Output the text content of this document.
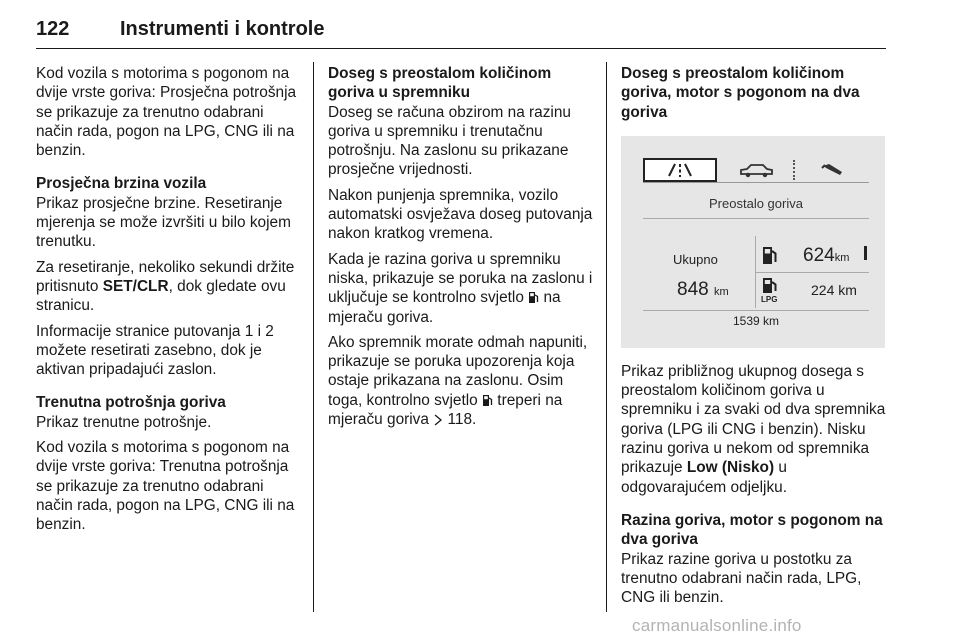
122	Instrumenti i kontrole

Kod vozila s motorima s pogonom na dvije vrste goriva: Prosječna potrošnja se prikazuje za trenutno odabrani način rada, pogon na LPG, CNG ili na benzin.

Prosječna brzina vozila

Prikaz prosječne brzine. Resetiranje mjerenja se može izvršiti u bilo kojem trenutku.

Za resetiranje, nekoliko sekundi držite pritisnuto SET/CLR, dok gledate ovu stranicu.

Informacije stranice putovanja 1 i 2 možete resetirati zasebno, dok je aktivan pripadajući zaslon.

Trenutna potrošnja goriva

Prikaz trenutne potrošnje.

Kod vozila s motorima s pogonom na dvije vrste goriva: Trenutna potrošnja se prikazuje za trenutno odabrani način rada, pogon na LPG, CNG ili na benzin.

Doseg s preostalom količinom goriva u spremniku

Doseg se računa obzirom na razinu goriva u spremniku i trenutačnu potrošnju. Na zaslonu su prikazane prosječne vrijednosti.

Nakon punjenja spremnika, vozilo automatski osvježava doseg putovanja nakon kratkog vremena.

Kada je razina goriva u spremniku niska, prikazuje se poruka na zaslonu i uključuje se kontrolno svjetlo na mjeraču goriva.

Ako spremnik morate odmah napuniti, prikazuje se poruka upozorenja koja ostaje prikazana na zaslonu. Osim toga, kontrolno svjetlo treperi na mjeraču goriva 118.

Doseg s preostalom količinom goriva, motor s pogonom na dva goriva
Preostalo goriva
Ukupno
848 km
624km
LPG
224 km
1539 km

Prikaz približnog ukupnog dosega s preostalom količinom goriva u spremniku i za svaki od dva spremnika goriva (LPG ili CNG i benzin). Nisku razinu goriva u nekom od spremnika prikazuje Low (Nisko) u odgovarajućem odjeljku.

Razina goriva, motor s pogonom na dva goriva

Prikaz razine goriva u postotku za trenutno odabrani način rada, LPG, CNG ili benzin.

carmanualsonline.info
